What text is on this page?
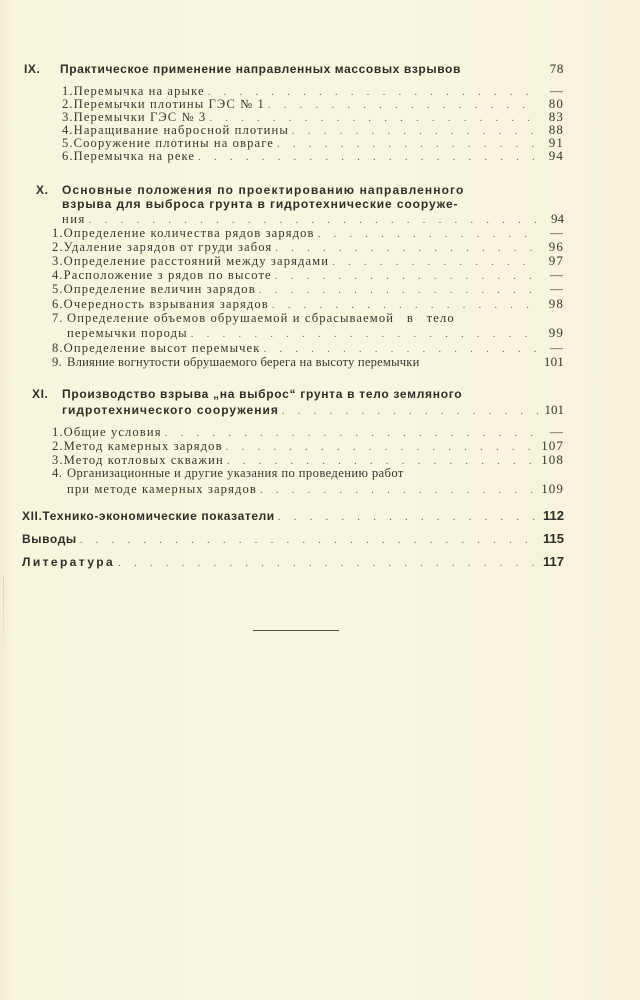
IX.	Практическое применение направленных массовых взрывов	78
1. Перемычка на арыке . . .	—
2. Перемычки плотины ГЭС № 1 . . .	80
3. Перемычки ГЭС № 3 . . .	83
4. Наращивание набросной плотины . . .	88
5. Сооружение плотины на овраге . . .	91
6. Перемычка на реке . . .	94
X. Основные положения по проектированию направленного
взрыва для выброса грунта в гидротехнические сооруже-
ния . . .	94
1. Определение количества рядов зарядов . . .	—
2. Удаление зарядов от груди забоя . . .	96
3. Определение расстояний между зарядами . . .	97
4. Расположение з рядов по высоте . . .	—
5. Определение величин зарядов . . .	—
6. Очередность взрывания зарядов . . .	98
7. Определение объемов обрушаемой и сбрасываемой   в   тело
перемычки породы . . .	99
8. Определение высот перемычек . . .	—
9. Влияние вогнутости обрушаемого берега на высоту перемычки	101
XI. Производство взрыва „на выброс“ грунта в тело земляного
гидротехнического сооружения . . .	101
1. Общие условия . . .	—
2. Метод камерных зарядов . . .	107
3. Метод котловых скважин . . .	108
4. Организационные и другие указания по проведению работ
при методе камерных зарядов . . .	109
XII. Технико-экономические показатели . . .	112
Выводы . . .	115
Литература . . .	117
